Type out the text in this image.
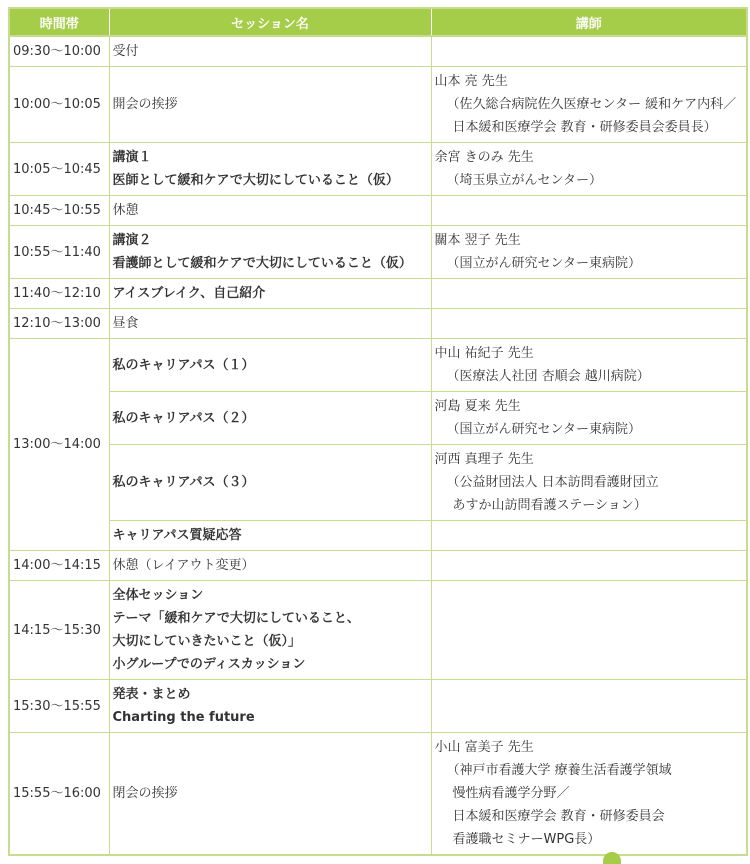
時間帯	セッション名	講師
09:30～10:00	受付	
10:00～10:05	開会の挨拶	山本 亮 先生
（佐久総合病院佐久医療センター 緩和ケア内科／
日本緩和医療学会 教育・研修委員会委員長）

10:05～10:45	講演１
医師として緩和ケアで大切にしていること（仮）	余宮 きのみ 先生
（埼玉県立がんセンター）

10:45～10:55	休憩	
10:55～11:40	講演２
看護師として緩和ケアで大切にしていること（仮）	關本 翌子 先生
（国立がん研究センター東病院）

11:40～12:10	アイスブレイク、自己紹介	
12:10～13:00	昼食	
13:00～14:00	私のキャリアパス（１）	中山 祐紀子 先生
（医療法人社団 杏順会 越川病院）

	私のキャリアパス（２）	河島 夏来 先生
（国立がん研究センター東病院）

	私のキャリアパス（３）	河西 真理子 先生
（公益財団法人 日本訪問看護財団立
あすか山訪問看護ステーション）

	キャリアパス質疑応答	
14:00～14:15	休憩（レイアウト変更）	
14:15～15:30	全体セッション
テーマ「緩和ケアで大切にしていること、
大切にしていきたいこと（仮）」
小グループでのディスカッション	

15:30～15:55	発表・まとめ
Charting the future	

15:55～16:00	閉会の挨拶	小山 富美子 先生
（神戸市看護大学 療養生活看護学領域
慢性病看護学分野／
日本緩和医療学会 教育・研修委員会
看護職セミナーWPG長）
